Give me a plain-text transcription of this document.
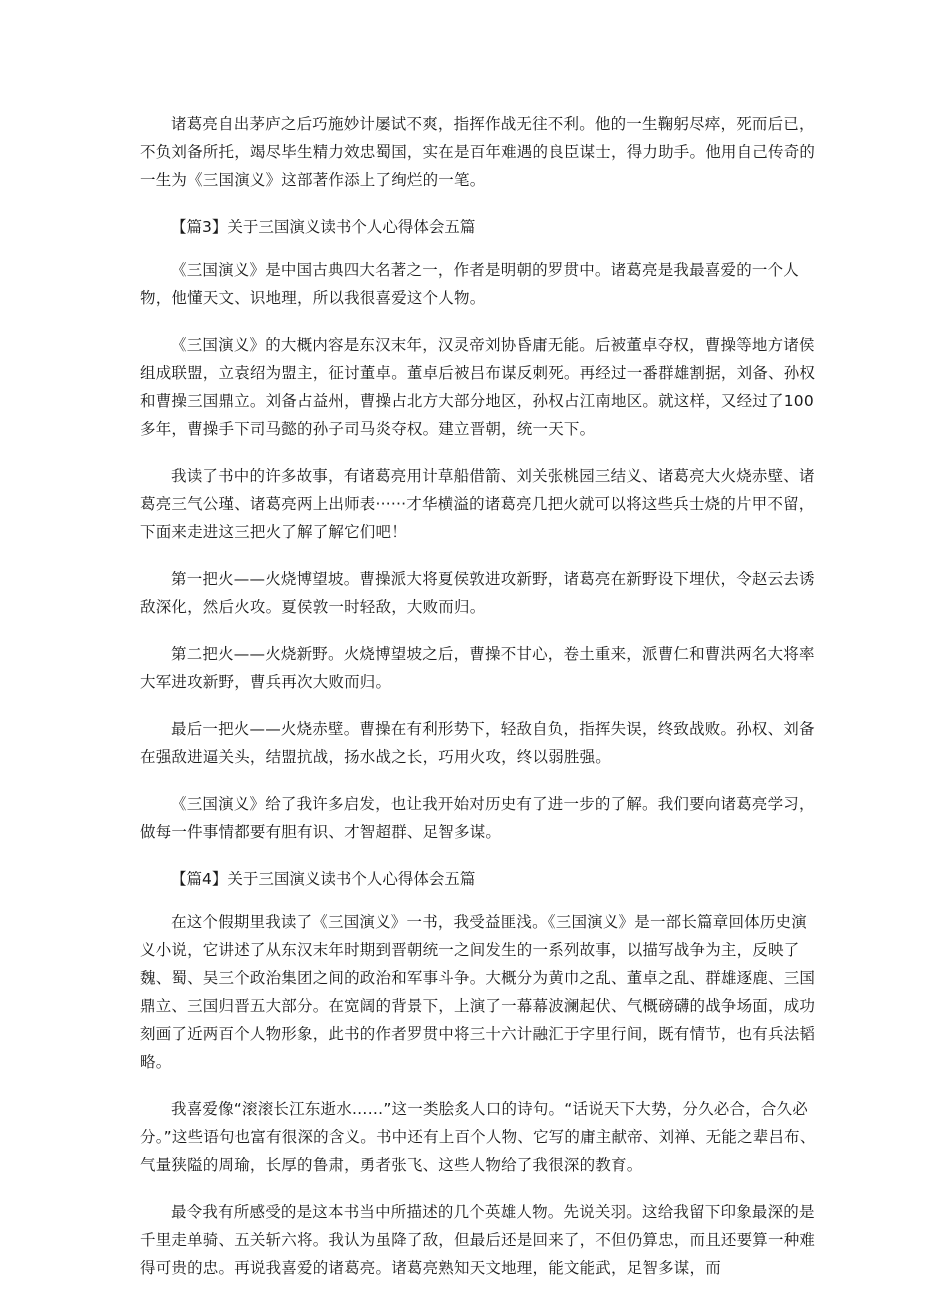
诸葛亮自出茅庐之后巧施妙计屡试不爽，指挥作战无往不利。他的一生鞠躬尽瘁，死而后已，不负刘备所托，竭尽毕生精力效忠蜀国，实在是百年难遇的良臣谋士，得力助手。他用自己传奇的一生为《三国演义》这部著作添上了绚烂的一笔。

【篇3】关于三国演义读书个人心得体会五篇

《三国演义》是中国古典四大名著之一，作者是明朝的罗贯中。诸葛亮是我最喜爱的一个人物，他懂天文、识地理，所以我很喜爱这个人物。

《三国演义》的大概内容是东汉末年，汉灵帝刘协昏庸无能。后被董卓夺权，曹操等地方诸侯组成联盟，立袁绍为盟主，征讨董卓。董卓后被吕布谋反刺死。再经过一番群雄割据，刘备、孙权和曹操三国鼎立。刘备占益州，曹操占北方大部分地区，孙权占江南地区。就这样，又经过了100多年，曹操手下司马懿的孙子司马炎夺权。建立晋朝，统一天下。

我读了书中的许多故事，有诸葛亮用计草船借箭、刘关张桃园三结义、诸葛亮大火烧赤壁、诸葛亮三气公瑾、诸葛亮两上出师表······才华横溢的诸葛亮几把火就可以将这些兵士烧的片甲不留，下面来走进这三把火了解了解它们吧！

第一把火——火烧博望坡。曹操派大将夏侯敦进攻新野，诸葛亮在新野设下埋伏，令赵云去诱敌深化，然后火攻。夏侯敦一时轻敌，大败而归。

第二把火——火烧新野。火烧博望坡之后，曹操不甘心，卷土重来，派曹仁和曹洪两名大将率大军进攻新野，曹兵再次大败而归。

最后一把火——火烧赤壁。曹操在有利形势下，轻敌自负，指挥失误，终致战败。孙权、刘备在强敌进逼关头，结盟抗战，扬水战之长，巧用火攻，终以弱胜强。

《三国演义》给了我许多启发，也让我开始对历史有了进一步的了解。我们要向诸葛亮学习，做每一件事情都要有胆有识、才智超群、足智多谋。

【篇4】关于三国演义读书个人心得体会五篇

在这个假期里我读了《三国演义》一书，我受益匪浅。《三国演义》是一部长篇章回体历史演义小说，它讲述了从东汉末年时期到晋朝统一之间发生的一系列故事，以描写战争为主，反映了魏、蜀、吴三个政治集团之间的政治和军事斗争。大概分为黄巾之乱、董卓之乱、群雄逐鹿、三国鼎立、三国归晋五大部分。在宽阔的背景下，上演了一幕幕波澜起伏、气概磅礴的战争场面，成功刻画了近两百个人物形象，此书的作者罗贯中将三十六计融汇于字里行间，既有情节，也有兵法韬略。

我喜爱像“滚滚长江东逝水……”这一类脍炙人口的诗句。“话说天下大势，分久必合，合久必分。”这些语句也富有很深的含义。书中还有上百个人物、它写的庸主献帝、刘禅、无能之辈吕布、气量狭隘的周瑜，长厚的鲁肃，勇者张飞、这些人物给了我很深的教育。

最令我有所感受的是这本书当中所描述的几个英雄人物。先说关羽。这给我留下印象最深的是千里走单骑、五关斩六将。我认为虽降了敌，但最后还是回来了，不但仍算忠，而且还要算一种难得可贵的忠。再说我喜爱的诸葛亮。诸葛亮熟知天文地理，能文能武，足智多谋，而
